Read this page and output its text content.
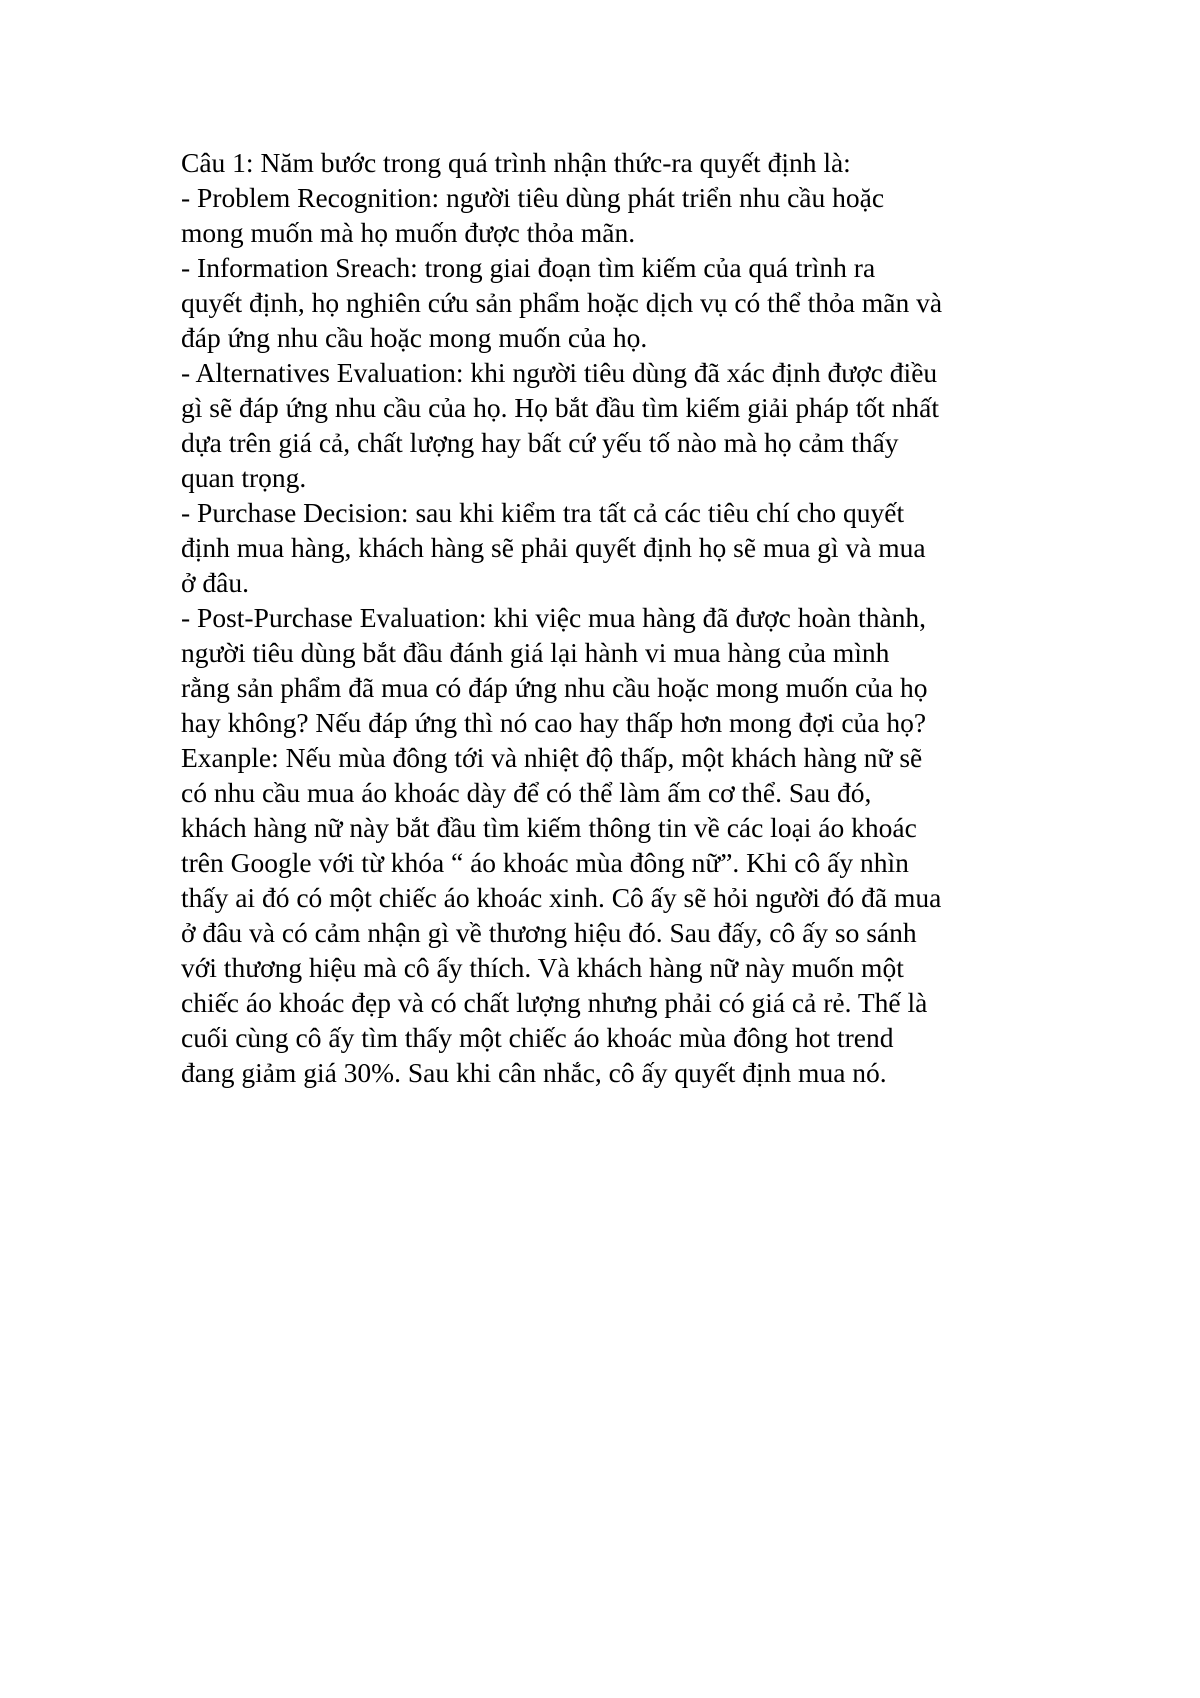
Câu 1: Năm bước trong quá trình nhận thức-ra quyết định là:
- Problem Recognition: người tiêu dùng phát triển nhu cầu hoặc
mong muốn mà họ muốn được thỏa mãn.
- Information Sreach: trong giai đoạn tìm kiếm của quá trình ra
quyết định, họ nghiên cứu sản phẩm hoặc dịch vụ có thể thỏa mãn và
đáp ứng nhu cầu hoặc mong muốn của họ.
- Alternatives Evaluation: khi người tiêu dùng đã xác định được điều
gì sẽ đáp ứng nhu cầu của họ. Họ bắt đầu tìm kiếm giải pháp tốt nhất
dựa trên giá cả, chất lượng hay bất cứ yếu tố nào mà họ cảm thấy
quan trọng.
- Purchase Decision: sau khi kiểm tra tất cả các tiêu chí cho quyết
định mua hàng, khách hàng sẽ phải quyết định họ sẽ mua gì và mua
ở đâu.
- Post-Purchase Evaluation: khi việc mua hàng đã được hoàn thành,
người tiêu dùng bắt đầu đánh giá lại hành vi mua hàng của mình
rằng sản phẩm đã mua có đáp ứng nhu cầu hoặc mong muốn của họ
hay không? Nếu đáp ứng thì nó cao hay thấp hơn mong đợi của họ?
Exanple: Nếu mùa đông tới và nhiệt độ thấp, một khách hàng nữ sẽ
có nhu cầu mua áo khoác dày để có thể làm ấm cơ thể. Sau đó,
khách hàng nữ này bắt đầu tìm kiếm thông tin về các loại áo khoác
trên Google với từ khóa “ áo khoác mùa đông nữ”. Khi cô ấy nhìn
thấy ai đó có một chiếc áo khoác xinh. Cô ấy sẽ hỏi người đó đã mua
ở đâu và có cảm nhận gì về thương hiệu đó. Sau đấy, cô ấy so sánh
với thương hiệu mà cô ấy thích. Và khách hàng nữ này muốn một
chiếc áo khoác đẹp và có chất lượng nhưng phải có giá cả rẻ. Thế là
cuối cùng cô ấy tìm thấy một chiếc áo khoác mùa đông hot trend
đang giảm giá 30%. Sau khi cân nhắc, cô ấy quyết định mua nó.
